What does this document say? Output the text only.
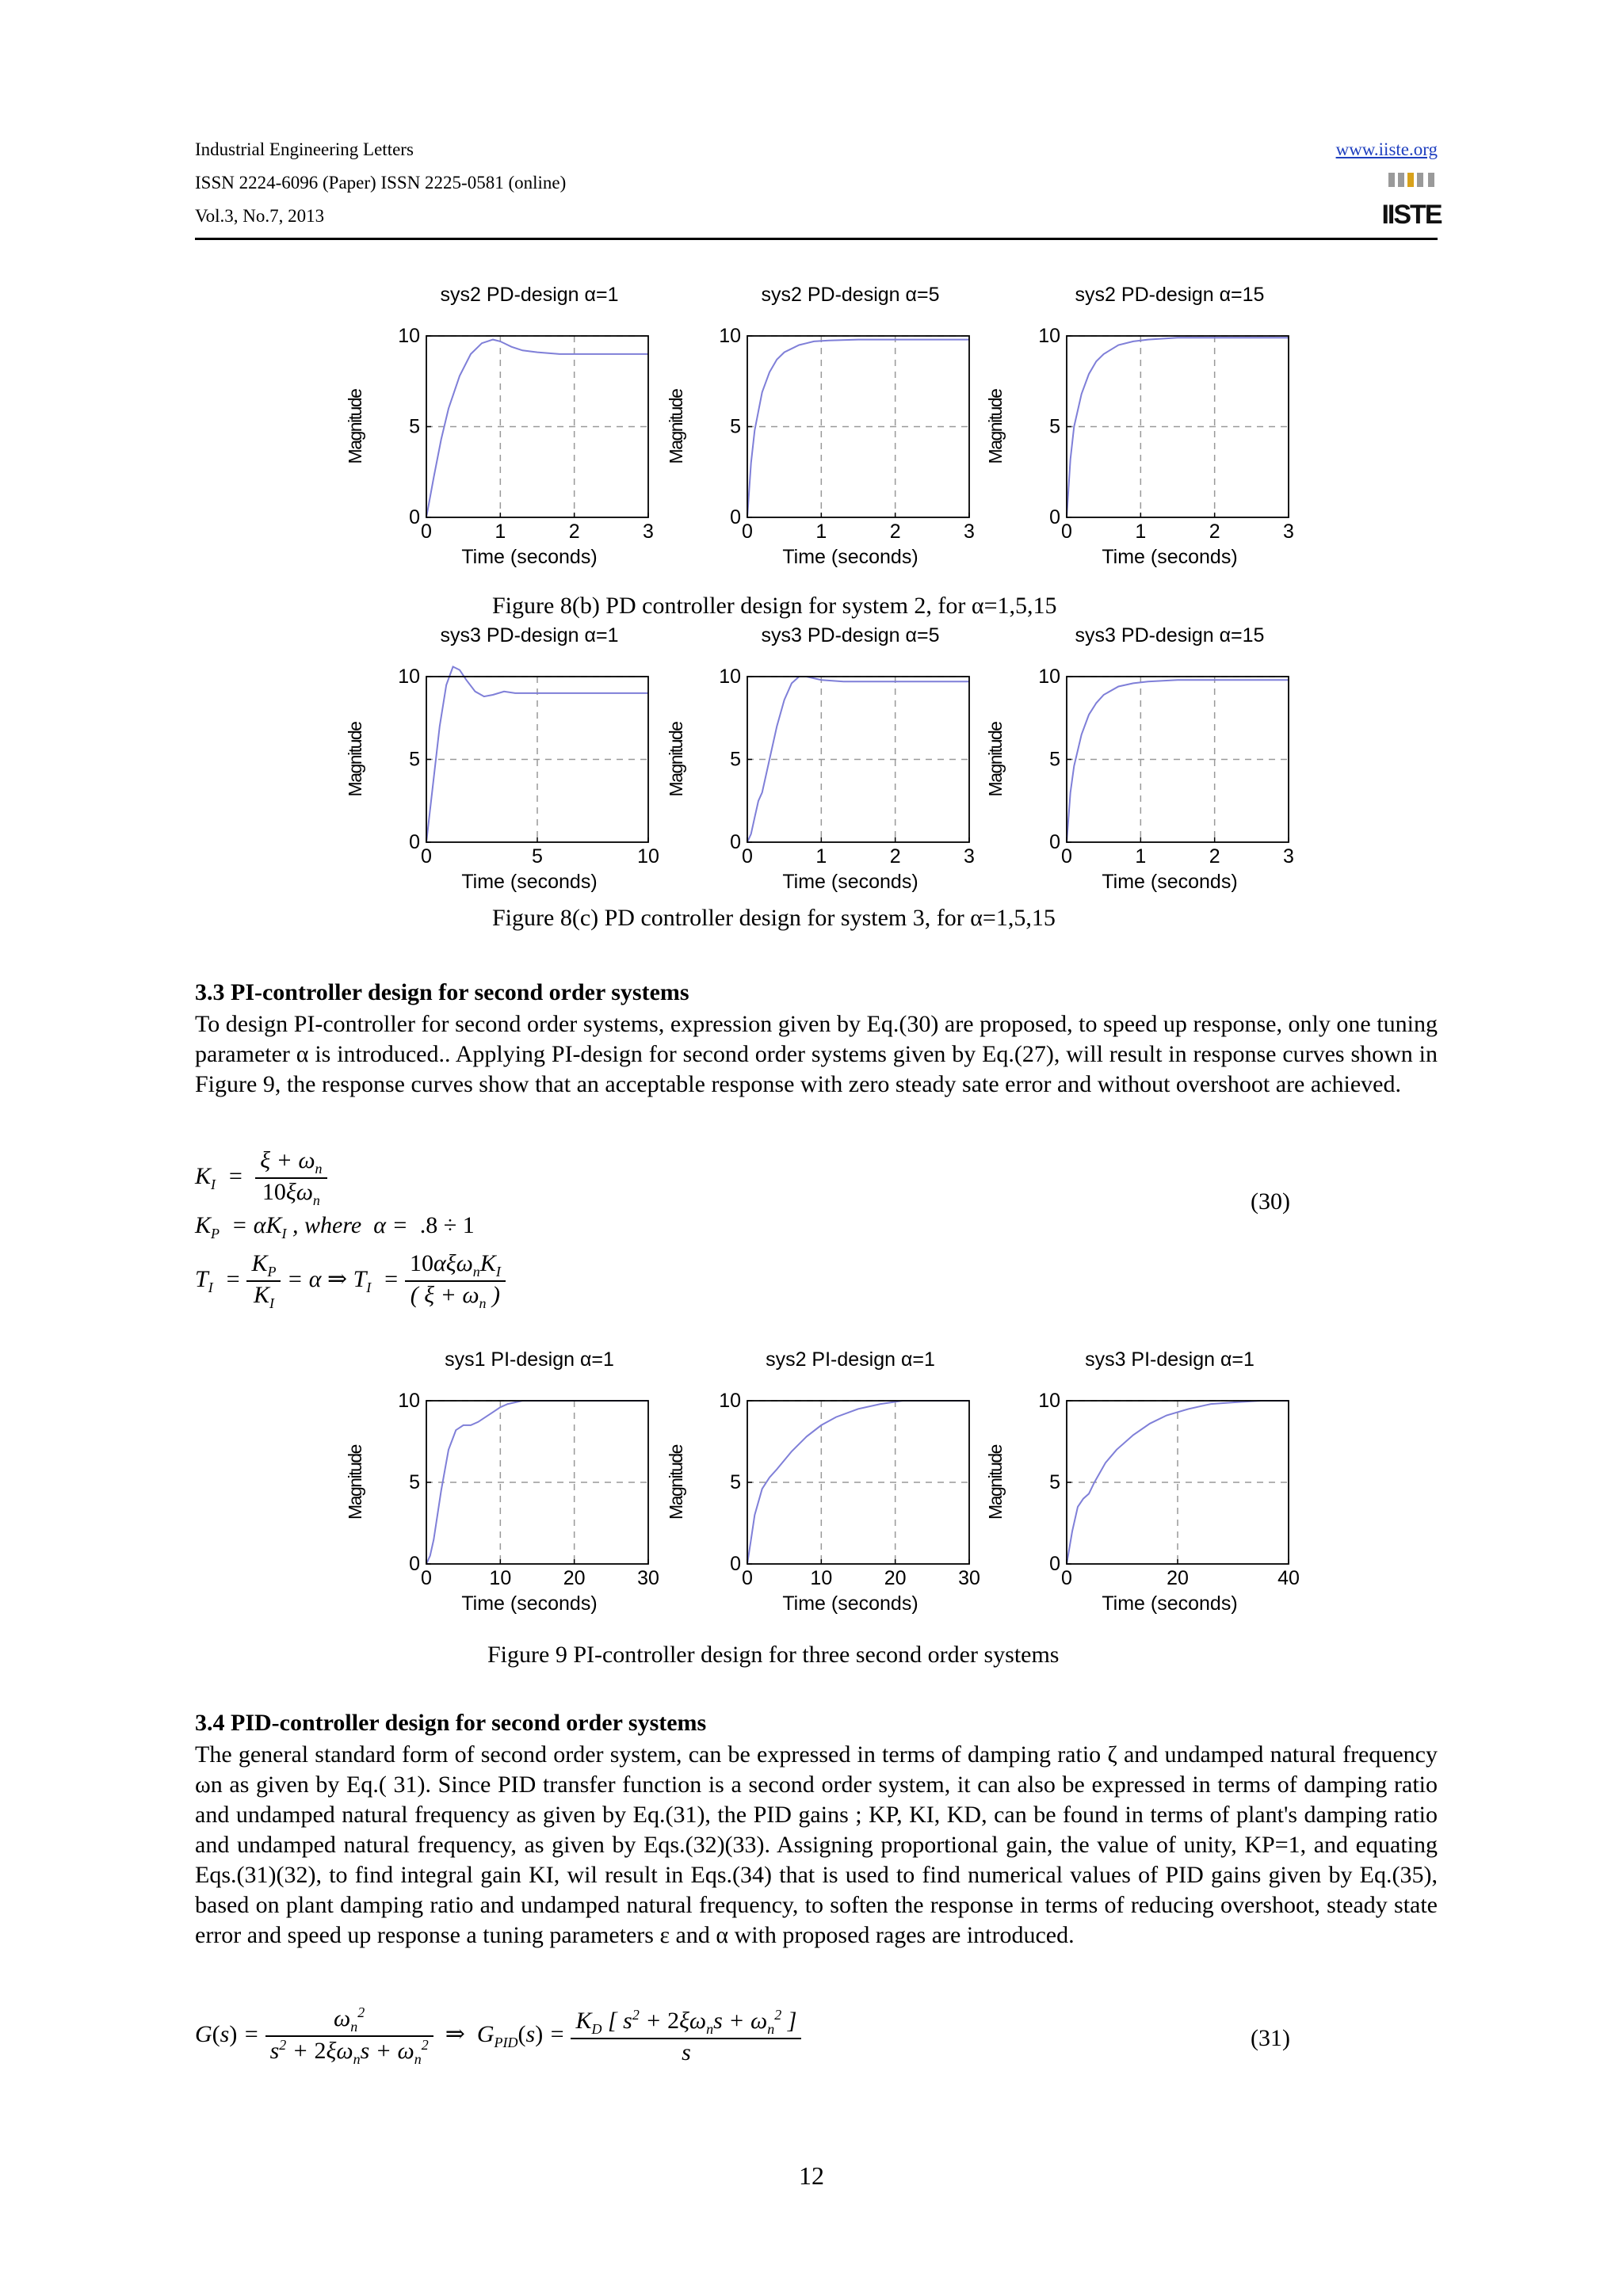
Industrial Engineering Letters
ISSN 2224-6096 (Paper) ISSN 2225-0581 (online)
Vol.3, No.7, 2013
www.iiste.org
IISTE
sys2 PD-design α=1
0	1	2	3
0
5
10
Time (seconds)
Magnitude
sys2 PD-design α=5
0	1	2	3
0
5
10
Time (seconds)
Magnitude
sys2 PD-design α=15
0	1	2	3
0
5
10
Time (seconds)
Magnitude
Figure 8(b) PD controller design for system 2, for α=1,5,15
sys3 PD-design α=1
0	5	10
0
5
10
Time (seconds)
Magnitude
sys3 PD-design α=5
0	1	2	3
0
5
10
Time (seconds)
Magnitude
sys3 PD-design α=15
0	1	2	3
0
5
10
Time (seconds)
Magnitude
Figure 8(c) PD controller design for system 3, for α=1,5,15
3.3 PI-controller design for second order systems
To design PI-controller for second order systems, expression given by Eq.(30) are proposed, to speed up response, only one tuning parameter α is introduced.. Applying PI-design for second order systems given by Eq.(27), will result in response curves shown in Figure 9, the response curves show that an acceptable response with zero steady sate error and without overshoot are achieved.
$K_I = \frac{\xi + \omega_n}{10\xi\omega_n}$
$K_P = \alpha K_I$ , where  α =  .8 ÷ 1
$T_I = \frac{K_P}{K_I} = \alpha$ ⇒ $T_I = \frac{10\alpha\xi\omega_nK_I}{( \xi + \omega_n )}$
(30)
sys1 PI-design α=1
0	10	20	30
0
5
10
Time (seconds)
Magnitude
sys2 PI-design α=1
0	10	20	30
0
5
10
Time (seconds)
Magnitude
sys3 PI-design α=1
0	20	40
0
5
10
Time (seconds)
Magnitude
Figure 9 PI-controller design for three second order systems
3.4 PID-controller design for second order systems
The general standard form of second order system, can be expressed in terms of damping ratio ζ and undamped natural frequency ωn as given by Eq.( 31). Since PID transfer function is a second order system, it can also be expressed in terms of damping ratio and undamped natural frequency as given by Eq.(31), the PID gains ; KP, KI, KD, can be found in terms of plant's damping ratio and undamped natural frequency, as given by Eqs.(32)(33). Assigning proportional gain, the value of unity, KP=1, and equating Eqs.(31)(32), to find integral gain KI, wil result in Eqs.(34) that is used to find numerical values of PID gains given by Eq.(35), based on plant damping ratio and undamped natural frequency, to soften the response in terms of reducing overshoot, steady state error and speed up response a tuning parameters ε and α with proposed rages are introduced.
$G(s) = \frac{\omega_n^2}{s^2 + 2\xi\omega_ns + \omega_n^2}$ ⇒  $G_{PID}(s) = \frac{K_D [ s^2 + 2\xi\omega_ns + \omega_n^2 ]}{s}$	(31)
12
